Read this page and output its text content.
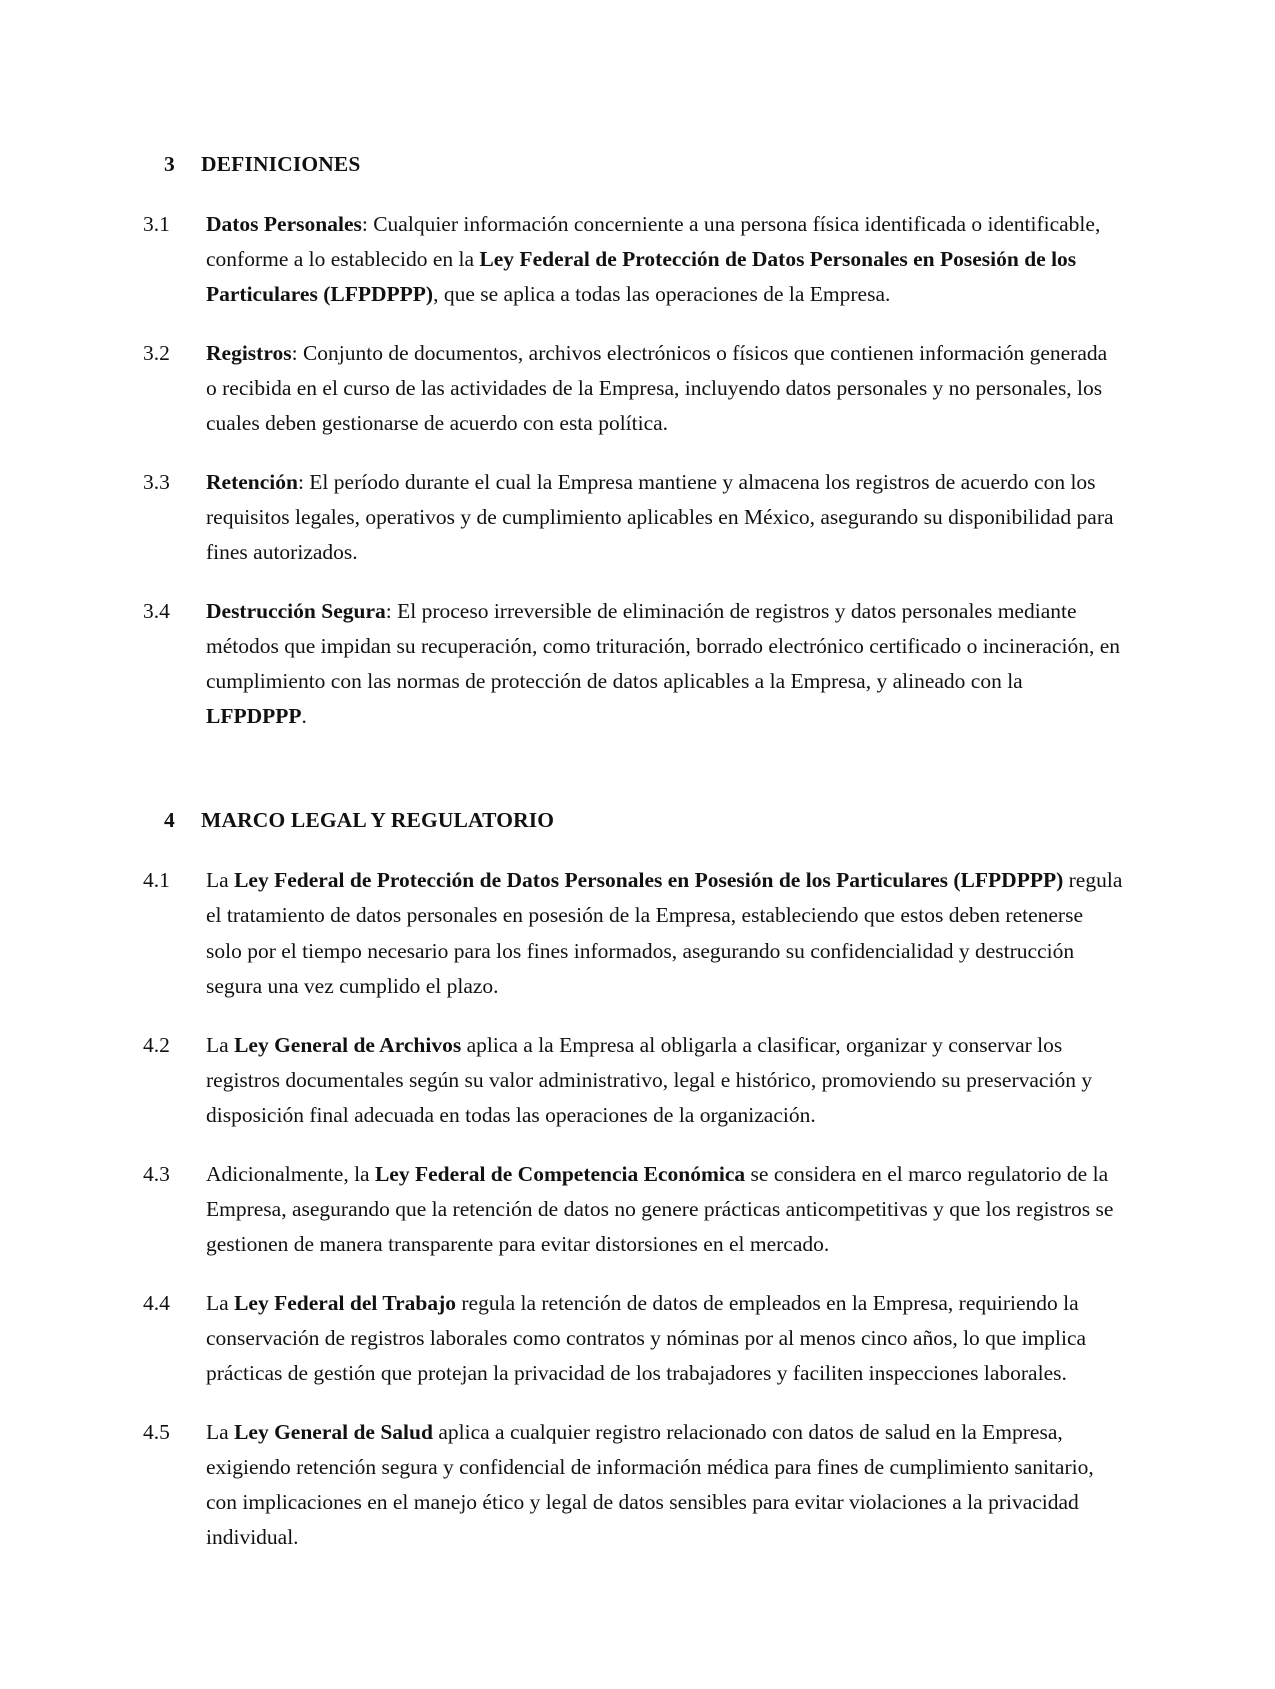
3	DEFINICIONES
3.1	Datos Personales: Cualquier información concerniente a una persona física identificada o identificable, conforme a lo establecido en la Ley Federal de Protección de Datos Personales en Posesión de los Particulares (LFPDPPP), que se aplica a todas las operaciones de la Empresa.

3.2	Registros: Conjunto de documentos, archivos electrónicos o físicos que contienen información generada o recibida en el curso de las actividades de la Empresa, incluyendo datos personales y no personales, los cuales deben gestionarse de acuerdo con esta política.

3.3	Retención: El período durante el cual la Empresa mantiene y almacena los registros de acuerdo con los requisitos legales, operativos y de cumplimiento aplicables en México, asegurando su disponibilidad para fines autorizados.

3.4	Destrucción Segura: El proceso irreversible de eliminación de registros y datos personales mediante métodos que impidan su recuperación, como trituración, borrado electrónico certificado o incineración, en cumplimiento con las normas de protección de datos aplicables a la Empresa, y alineado con la LFPDPPP.

4	MARCO LEGAL Y REGULATORIO
4.1	La Ley Federal de Protección de Datos Personales en Posesión de los Particulares (LFPDPPP) regula el tratamiento de datos personales en posesión de la Empresa, estableciendo que estos deben retenerse solo por el tiempo necesario para los fines informados, asegurando su confidencialidad y destrucción segura una vez cumplido el plazo.

4.2	La Ley General de Archivos aplica a la Empresa al obligarla a clasificar, organizar y conservar los registros documentales según su valor administrativo, legal e histórico, promoviendo su preservación y disposición final adecuada en todas las operaciones de la organización.

4.3	Adicionalmente, la Ley Federal de Competencia Económica se considera en el marco regulatorio de la Empresa, asegurando que la retención de datos no genere prácticas anticompetitivas y que los registros se gestionen de manera transparente para evitar distorsiones en el mercado.

4.4	La Ley Federal del Trabajo regula la retención de datos de empleados en la Empresa, requiriendo la conservación de registros laborales como contratos y nóminas por al menos cinco años, lo que implica prácticas de gestión que protejan la privacidad de los trabajadores y faciliten inspecciones laborales.

4.5	La Ley General de Salud aplica a cualquier registro relacionado con datos de salud en la Empresa, exigiendo retención segura y confidencial de información médica para fines de cumplimiento sanitario, con implicaciones en el manejo ético y legal de datos sensibles para evitar violaciones a la privacidad individual.
